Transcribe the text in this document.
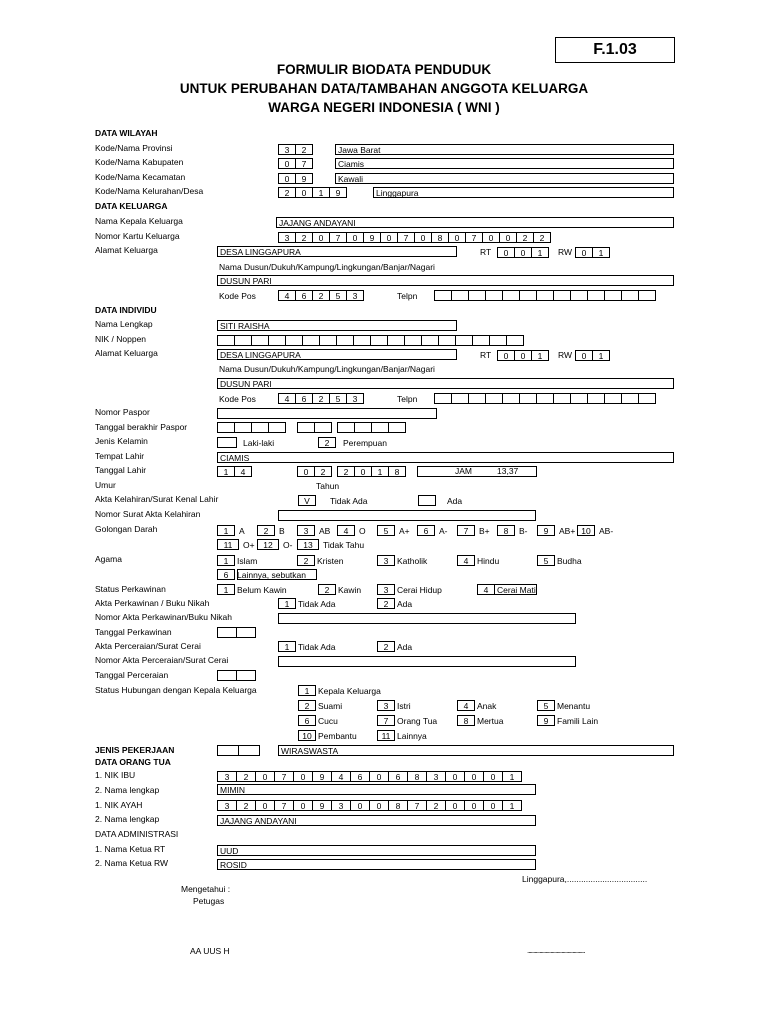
F.1.03
FORMULIR BIODATA PENDUDUK
UNTUK PERUBAHAN DATA/TAMBAHAN ANGGOTA KELUARGA
WARGA NEGERI INDONESIA ( WNI )
DATA WILAYAH
Kode/Nama Provinsi	3	2	Jawa Barat
Kode/Nama Kabupaten	0	7	Ciamis
Kode/Nama Kecamatan	0	9	Kawali
Kode/Nama Kelurahan/Desa	2	0	1	9	Linggapura
DATA KELUARGA
Nama Kepala Keluarga	JAJANG ANDAYANI
Nomor Kartu Keluarga	3	2	0	7	0	9	0	7	0	8	0	7	0	0	2	2
Alamat Keluarga	DESA LINGGAPURA	RT	0	0	1	RW	0	1
Nama Dusun/Dukuh/Kampung/Lingkungan/Banjar/Nagari
DUSUN PARI
Kode Pos	4	6	2	5	3	Telpn
DATA INDIVIDU
Nama Lengkap	SITI RAISHA
NIK / Noppen
Alamat Keluarga	DESA LINGGAPURA	RT	0	0	1	RW	0	1
Nama Dusun/Dukuh/Kampung/Lingkungan/Banjar/Nagari
DUSUN PARI
Kode Pos	4	6	2	5	3	Telpn
Nomor Paspor
Tanggal berakhir Paspor
Jenis Kelamin	Laki-laki	2	Perempuan
Tempat Lahir	CIAMIS
Tanggal Lahir	1	4	0	2	2	0	1	8	JAM	13,37
Umur	Tahun
Akta Kelahiran/Surat Kenal Lahir	V	Tidak Ada	Ada
Nomor Surat Akta Kelahiran
Golongan Darah	1	A	2	B	3	AB	4	O	5	A+	6	A-	7	B+	8	B-	9	AB+ 10 AB-
11	O+	12	O-	13	Tidak Tahu
Agama	1	Islam	2	Kristen	3	Katholik	4	Hindu	5	Budha
6	Lainnya, sebutkan
Status Perkawinan	1	Belum Kawin	2	Kawin	3	Cerai Hidup	4	Cerai Mati
Akta Perkawinan / Buku Nikah	1	Tidak Ada	2	Ada
Nomor Akta Perkawinan/Buku Nikah
Tanggal Perkawinan
Akta Perceraian/Surat Cerai	1	Tidak Ada	2	Ada
Nomor Akta Perceraian/Surat Cerai
Tanggal Perceraian
Status Hubungan dengan Kepala Keluarga	1	Kepala Keluarga
2	Suami	3	Istri	4	Anak	5	Menantu
6	Cucu	7	Orang Tua	8	Mertua	9	Famili Lain
10 Pembantu	11 Lainnya
JENIS PEKERJAAN	WIRASWASTA
DATA ORANG TUA
1. NIK IBU	3	2	0	7	0	9	4	6	0	6	8	3	0	0	0	1
2. Nama lengkap	MIMIN
1. NIK AYAH	3	2	0	7	0	9	3	0	0	8	7	2	0	0	0	1
2. Nama lengkap	JAJANG ANDAYANI
DATA ADMINISTRASI
1. Nama Ketua RT	UUD
2. Nama Ketua RW	ROSID
Linggapura,..................................
Mengetahui :
Petugas
AA UUS H	...............................................
